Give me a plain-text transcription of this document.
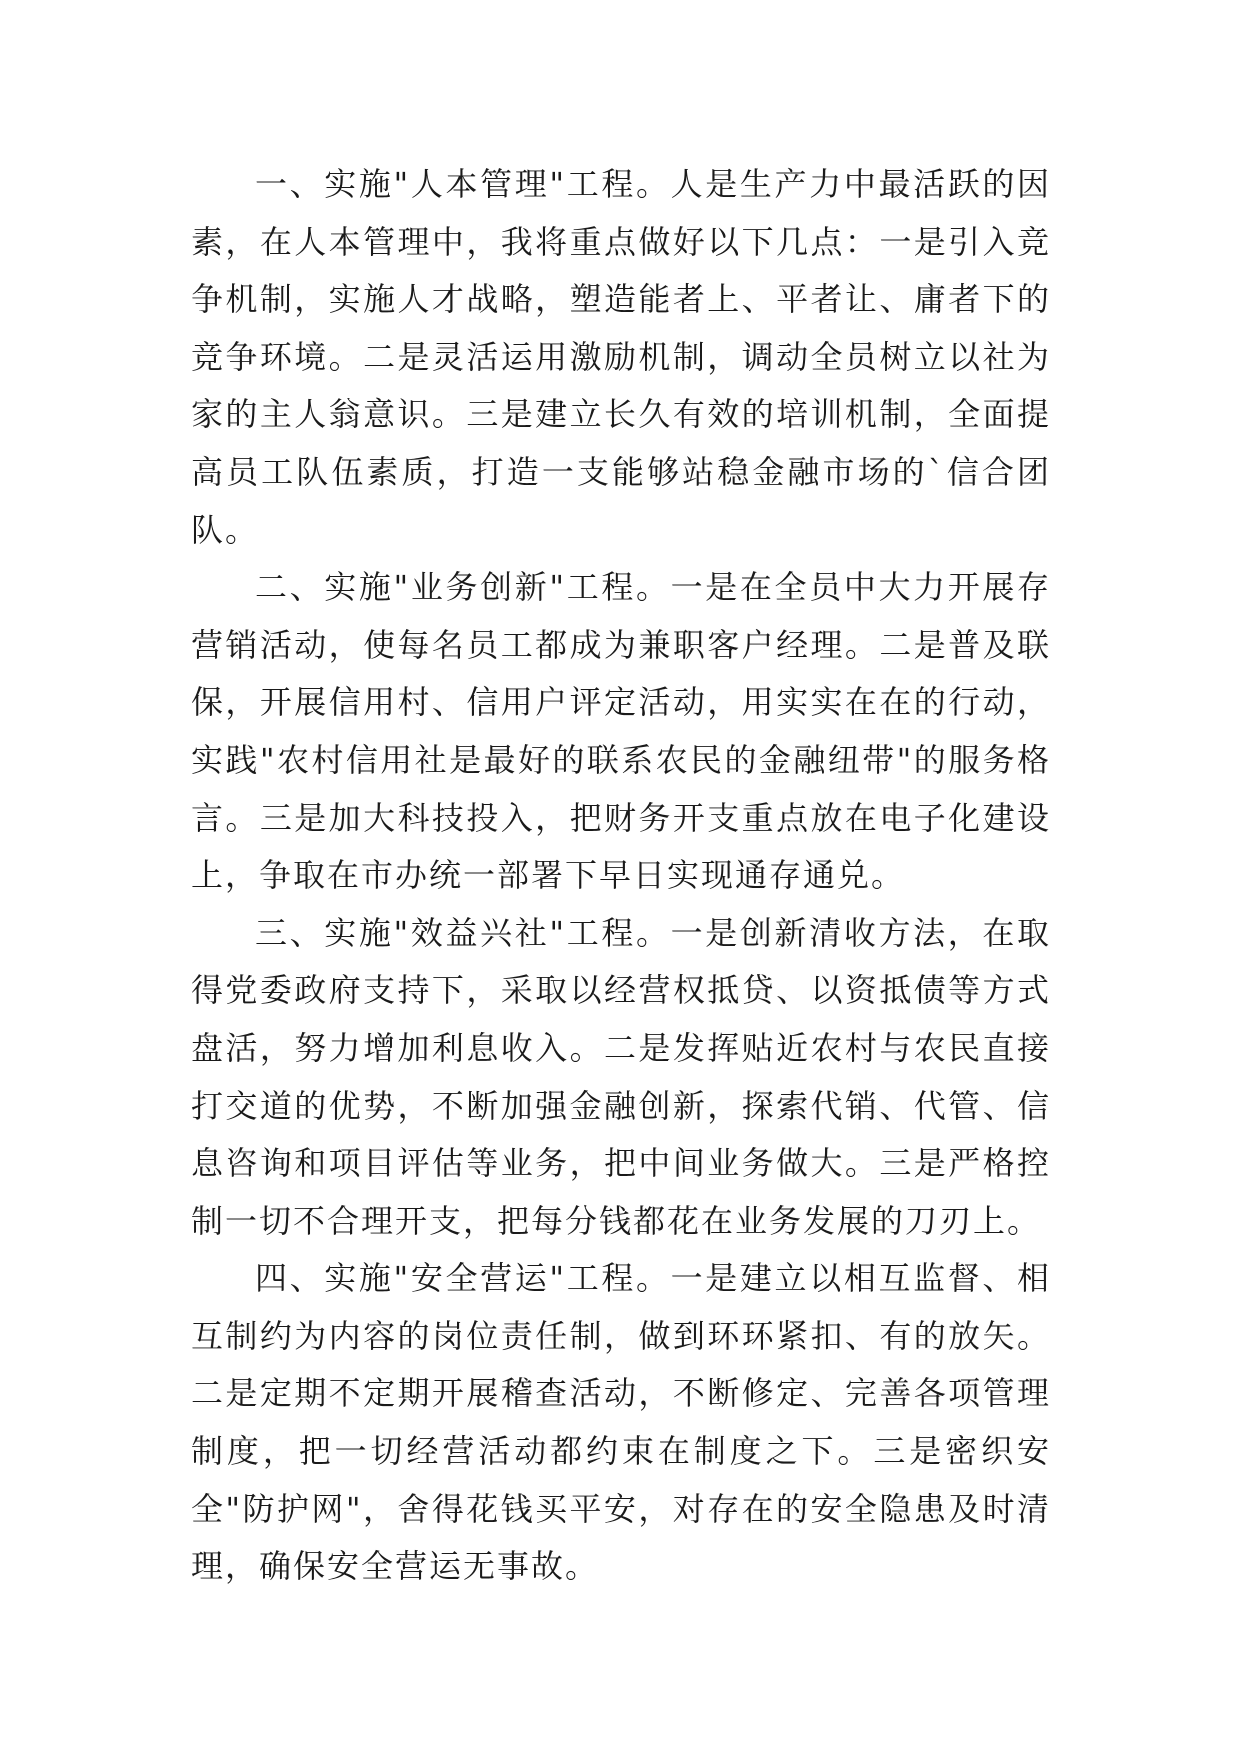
一、实施"人本管理"工程。人是生产力中最活跃的因素，在人本管理中，我将重点做好以下几点：一是引入竞争机制，实施人才战略，塑造能者上、平者让、庸者下的竞争环境。二是灵活运用激励机制，调动全员树立以社为家的主人翁意识。三是建立长久有效的培训机制，全面提高员工队伍素质，打造一支能够站稳金融市场的`信合团队。

二、实施"业务创新"工程。一是在全员中大力开展存营销活动，使每名员工都成为兼职客户经理。二是普及联保，开展信用村、信用户评定活动，用实实在在的行动，实践"农村信用社是最好的联系农民的金融纽带"的服务格言。三是加大科技投入，把财务开支重点放在电子化建设上，争取在市办统一部署下早日实现通存通兑。

三、实施"效益兴社"工程。一是创新清收方法，在取得党委政府支持下，采取以经营权抵贷、以资抵债等方式盘活，努力增加利息收入。二是发挥贴近农村与农民直接打交道的优势，不断加强金融创新，探索代销、代管、信息咨询和项目评估等业务，把中间业务做大。三是严格控制一切不合理开支，把每分钱都花在业务发展的刀刃上。

四、实施"安全营运"工程。一是建立以相互监督、相互制约为内容的岗位责任制，做到环环紧扣、有的放矢。二是定期不定期开展稽查活动，不断修定、完善各项管理制度，把一切经营活动都约束在制度之下。三是密织安全"防护网"，舍得花钱买平安，对存在的安全隐患及时清理，确保安全营运无事故。
